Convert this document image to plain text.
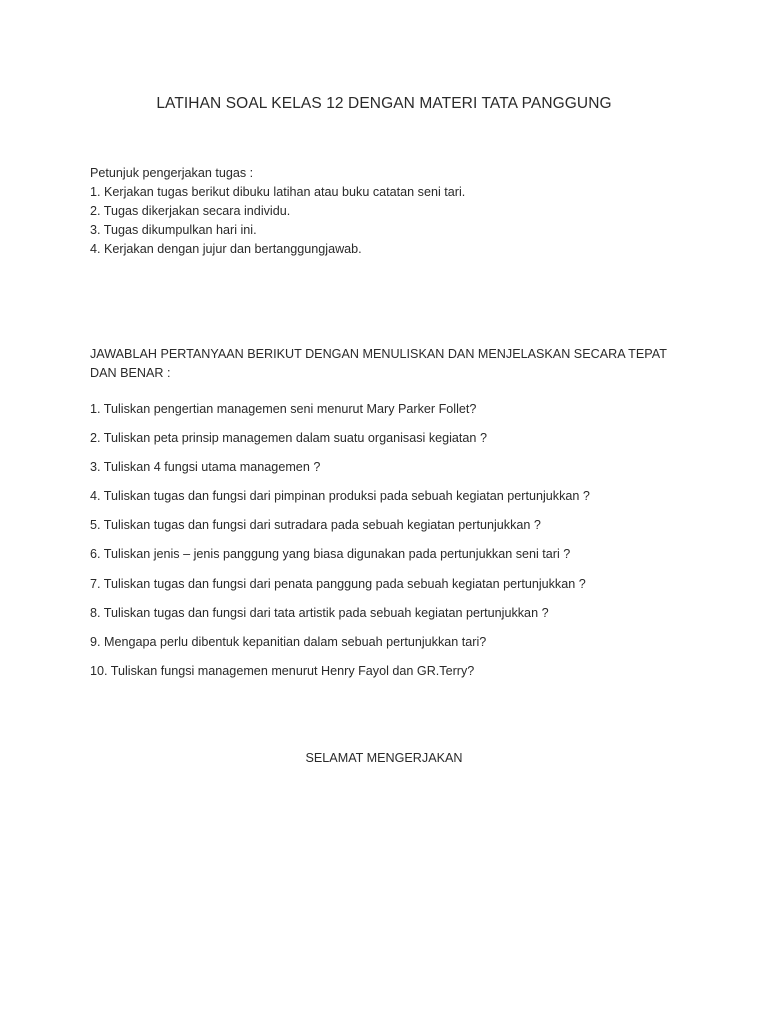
LATIHAN SOAL KELAS 12 DENGAN MATERI TATA PANGGUNG

Petunjuk pengerjakan tugas :

1. Kerjakan tugas berikut dibuku latihan atau buku catatan seni tari.
2. Tugas dikerjakan secara individu.
3. Tugas dikumpulkan hari ini.
4. Kerjakan dengan jujur dan bertanggungjawab.

JAWABLAH PERTANYAAN BERIKUT DENGAN MENULISKAN DAN MENJELASKAN SECARA TEPAT DAN BENAR :

1. Tuliskan pengertian managemen seni menurut Mary Parker Follet?
2. Tuliskan peta prinsip managemen dalam suatu organisasi kegiatan ?
3. Tuliskan 4 fungsi utama managemen ?
4. Tuliskan tugas dan fungsi dari pimpinan produksi pada sebuah kegiatan pertunjukkan ?
5. Tuliskan tugas dan fungsi dari sutradara pada sebuah kegiatan pertunjukkan ?
6. Tuliskan jenis – jenis panggung yang biasa digunakan pada pertunjukkan seni tari ?
7. Tuliskan tugas dan fungsi dari penata panggung pada sebuah kegiatan pertunjukkan ?
8. Tuliskan tugas dan fungsi dari tata artistik pada sebuah kegiatan pertunjukkan ?
9. Mengapa perlu dibentuk kepanitian dalam sebuah pertunjukkan tari?
10. Tuliskan fungsi managemen menurut Henry Fayol dan GR.Terry?

SELAMAT MENGERJAKAN
